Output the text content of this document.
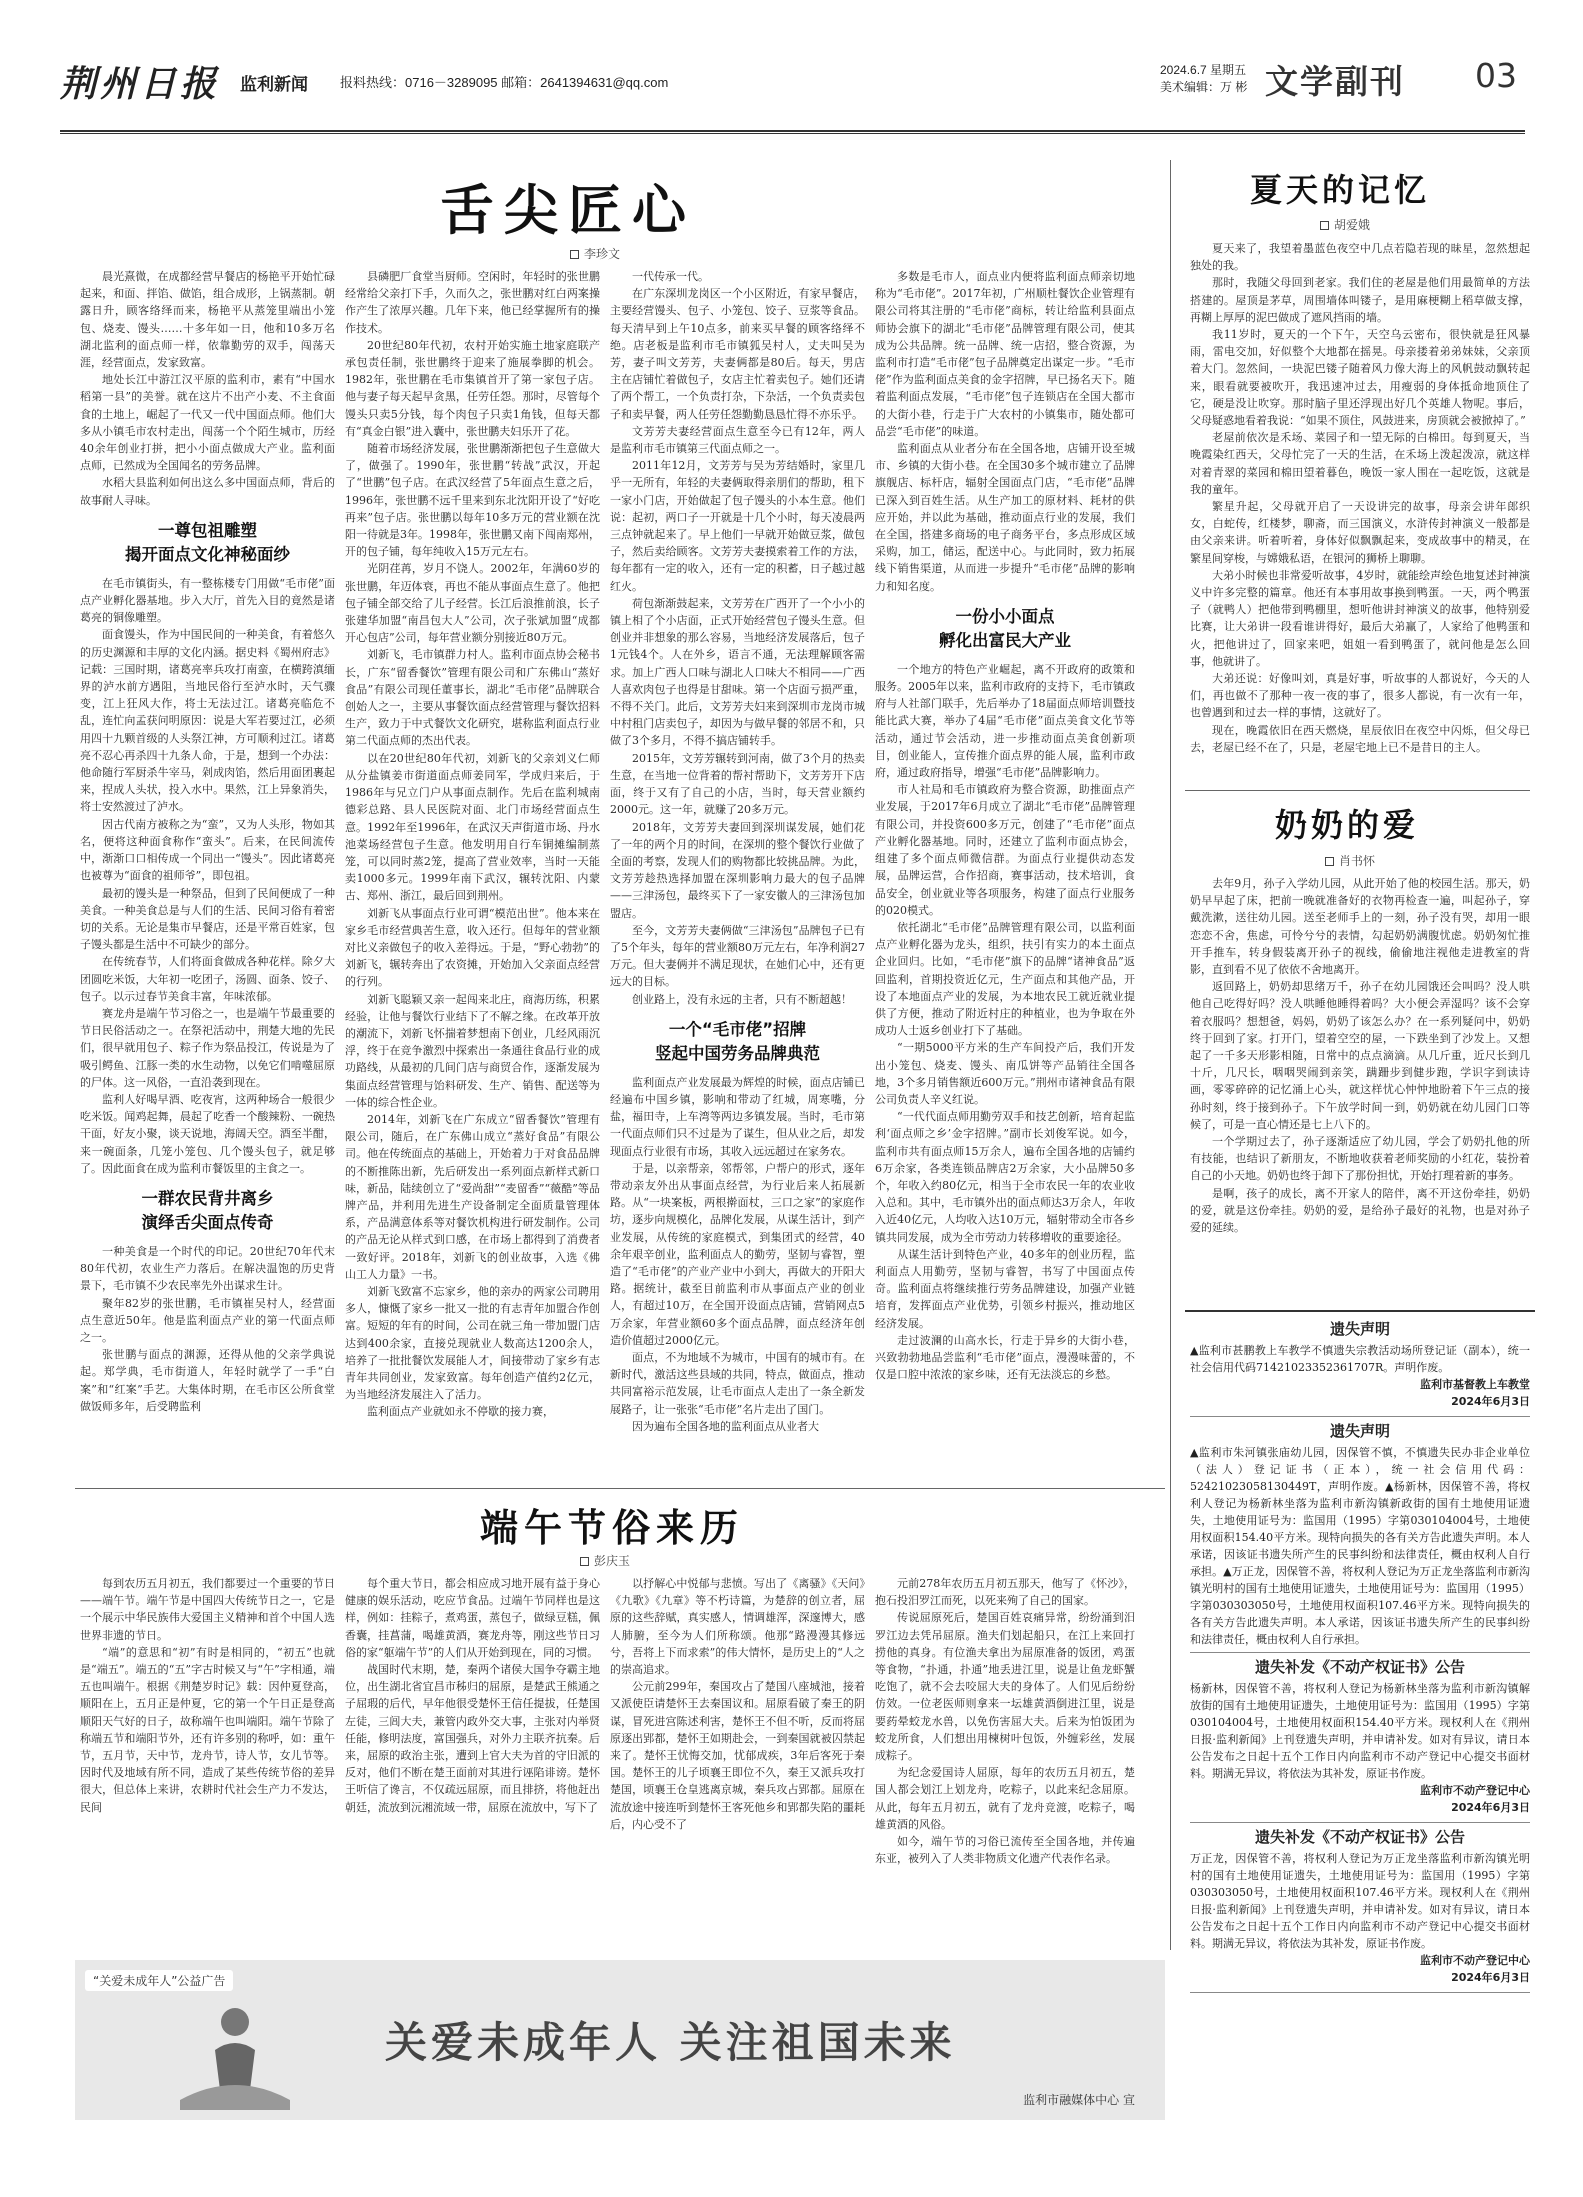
荆州日报 监利新闻 报料热线：0716－3289095 邮箱：2641394631@qq.com
2024.6.7 星期五
美术编辑：万 彬 文学副刊 03
舌尖匠心
李珍文

晨光熹微，在成都经营早餐店的杨艳平开始忙碌起来，和面、拌馅、做馅，组合成形，上锅蒸制。朝露日升，顾客络绎而来，杨艳平从蒸笼里端出小笼包、烧麦、馒头……十多年如一日，他和10多万名湖北监利的面点师一样，依靠勤劳的双手，闯荡天涯，经营面点，发家致富。

地处长江中游江汉平原的监利市，素有“中国水稻第一县”的美誉。就在这片不出产小麦、不主食面食的土地上，崛起了一代又一代中国面点师。他们大多从小镇毛市农村走出，闯荡一个个陌生城市，历经40余年创业打拼，把小小面点做成大产业。监利面点师，已然成为全国闻名的劳务品牌。

水稻大县监利如何出这么多中国面点师，背后的故事耐人寻味。

一尊包祖雕塑
揭开面点文化神秘面纱

在毛市镇街头，有一整栋楼专门用做“毛市佬”面点产业孵化器基地。步入大厅，首先入目的竟然是诸葛亮的铜像雕塑。

面食馒头，作为中国民间的一种美食，有着悠久的历史渊源和丰厚的文化内涵。据史料《蜀州府志》记载：三国时期，诸葛亮率兵攻打南蛮，在横跨滇缅界的泸水前方遇阻，当地民俗行至泸水时，天气骤变，江上狂风大作，将士无法过江。诸葛亮临危不乱，连忙向孟获问明原因：说是大军若要过江，必须用四十九颗首级的人头祭江神，方可顺利过江。诸葛亮不忍心再杀四十九条人命，于是，想到一个办法：他命随行军厨杀牛宰马，剁成肉馅，然后用面团裹起来，捏成人头状，投入水中。果然，江上异象消失，将士安然渡过了泸水。

因古代南方被称之为“蛮”，又为人头形，物如其名，便将这种面食称作“蛮头”。后来，在民间流传中，渐渐口口相传成一个同出一“馒头”。因此诸葛亮也被尊为“面食的祖师爷”，即包祖。

最初的馒头是一种祭品，但到了民间便成了一种美食。一种美食总是与人们的生活、民间习俗有着密切的关系。无论是集市早餐店，还是平常百姓家，包子馒头都是生活中不可缺少的部分。

在传统春节，人们将面食做成各种花样。除夕大团圆吃米饭，大年初一吃团子，汤圆、面条、饺子、包子。以示过春节美食丰富，年味浓郁。

赛龙舟是端午节习俗之一，也是端午节最重要的节日民俗活动之一。在祭祀活动中，荆楚大地的先民们，很早就用包子、粽子作为祭品投江，传说是为了吸引鳄鱼、江豚一类的水生动物，以免它们啃噬屈原的尸体。这一风俗，一直沿袭到现在。

监利人好喝早酒、吃夜宵，这两种场合一般很少吃米饭。闻鸡起舞，晨起了吃香一个酸辣粉、一碗热干面，好友小聚，谈天说地，海阔天空。酒至半酣，来一碗面条，几笼小笼包、几个馒头包子，就足够了。因此面食在成为监利市餐饭里的主食之一。

一群农民背井离乡
演绎舌尖面点传奇

一种美食是一个时代的印记。20世纪70年代末80年代初，农业生产力落后。在解决温饱的历史背景下，毛市镇不少农民率先外出谋求生计。

聚年82岁的张世鹏，毛市镇崔吴村人，经营面点生意近50年。他是监利面点产业的第一代面点师之一。

张世鹏与面点的渊源，还得从他的父亲学典说起。郑学典，毛市街道人，年轻时就学了一手“白案”和“红案”手艺。大集体时期，在毛市区公所食堂做饭师多年，后受聘监利

县磷肥厂食堂当厨师。空闲时，年轻时的张世鹏经常给父亲打下手，久而久之，张世鹏对红白两案操作产生了浓厚兴趣。几年下来，他已经掌握所有的操作技术。

20世纪80年代初，农村开始实施土地家庭联产承包责任制，张世鹏终于迎来了施展拳脚的机会。1982年，张世鹏在毛市集镇首开了第一家包子店。他与妻子每天起早贪黑，任劳任怨。那时，尽管每个馒头只卖5分钱，每个肉包子只卖1角钱，但每天都有“真金白银”进入囊中，张世鹏夫妇乐开了花。

随着市场经济发展，张世鹏渐渐把包子生意做大了，做强了。1990年，张世鹏“转战”武汉，开起了“世鹏”包子店。在武汉经营了5年面点生意之后，1996年，张世鹏不远千里来到东北沈阳开设了“好吃再来”包子店。张世鹏以每年10多万元的营业额在沈阳一待就是3年。1998年，张世鹏又南下闯南郑州，开的包子铺，每年纯收入15万元左右。

光阴荏苒，岁月不饶人。2002年，年满60岁的张世鹏，年迈体衰，再也不能从事面点生意了。他把包子铺全部交给了儿子经营。长江后浪推前浪，长子张建华加盟“南昌包大人”公司，次子张斌加盟“成都开心包店”公司，每年营业额分别接近80万元。

刘新飞，毛市镇群力村人。监利市面点协会秘书长，广东“留香餐饮”管理有限公司和广东佛山“蒸好食品”有限公司现任董事长，湖北“毛市佬”品牌联合创始人之一，主要从事餐饮面点经营管理与餐饮招料生产，致力于中式餐饮文化研究，堪称监利面点行业第二代面点师的杰出代表。

以在20世纪80年代初，刘新飞的父亲刘义仁师从分盐镇姜市街道面点师姜同军，学成归来后，于1986年与兄立门户从事面点制作。先后在监利城南德彩总路、县人民医院对面、北门市场经营面点生意。1992年至1996年，在武汉天声街道市场、丹水池菜场经营包子生意。他发明用自行车铜摊编制蒸笼，可以同时蒸2笼，提高了营业效率，当时一天能卖1000多元。1999年南下武汉，辗转沈阳、内蒙古、郑州、浙江，最后回到荆州。

刘新飞从事面点行业可谓“模范出世”。他本来在家乡毛市经营典苦生意，收入还行。但每年的营业额对比义亲做包子的收入差得远。于是，“野心勃勃”的刘新飞，辗转奔出了农资摊，开始加入父亲面点经营的行列。

刘新飞聪颖又亲一起闯来北庄，商海历练，积累经验，让他与餐饮行业结下了不解之缘。在改革开放的潮流下，刘新飞怀揣着梦想南下创业，几经风雨沉浮，终于在竞争激烈中探索出一条通往食品行业的成功路线，从最初的几间门店与商贸合作，逐渐发展为集面点经营管理与饴料研发、生产、销售、配送等为一体的综合性企业。

2014年，刘新飞在广东成立“留香餐饮”管理有限公司，随后，在广东佛山成立“蒸好食品”有限公司。他在传统面点的基础上，开始着力于对食品品牌的不断推陈出新，先后研发出一系列面点新样式新口味，新品，陆续创立了“爱尚甜”“麦留香”“薇酷”等品牌产品，并利用先进生产设备制定全面质量管理体系，产品满意体系等对餐饮机构进行研发制作。公司的产品无论从样式到口感，在市场上都得到了消费者一致好评。2018年，刘新飞的创业故事，入选《佛山工人力量》一书。

刘新飞致富不忘家乡，他的亲办的两家公司聘用多人，慷慨了家乡一批又一批的有志青年加盟合作创富。短短的年有的时间，公司在就三角一带加盟门店达到400余家，直接兑现就业人数高达1200余人，培养了一批批餐饮发展能人才，间接带动了家乡有志青年共同创业，发家致富。每年创造产值约2亿元，为当地经济发展注入了活力。

监利面点产业就如永不停歇的接力赛，

一代传承一代。

在广东深圳龙岗区一个小区附近，有家早餐店，主要经营馒头、包子、小笼包、饺子、豆浆等食品。每天清早到上午10点多，前来买早餐的顾客络绎不绝。店老板是监利市毛市镇狐吴村人，丈夫叫吴为芳，妻子叫文芳芳，夫妻俩都是80后。每天，男店主在店铺忙着做包子，女店主忙着卖包子。她们还请了两个帮工，一个负责打杂，下杂活，一个负责卖包子和卖早餐，两人任劳任怨勤勤恳恳忙得不亦乐乎。

文芳芳夫妻经营面点生意至今已有12年，两人是监利市毛市镇第三代面点师之一。

2011年12月，文芳芳与吴为芳结婚时，家里几乎一无所有，年轻的夫妻俩取得亲朋们的帮助，租下一家小门店，开始做起了包子馒头的小本生意。他们说：起初，两口子一开就是十几个小时，每天凌晨两三点钟就起来了。早上他们一早就开始做豆浆，做包子，然后卖给顾客。文芳芳夫妻摸索着工作的方法，每年都有一定的收入，还有一定的积蓄，日子越过越红火。

荷包渐渐鼓起来，文芳芳在广西开了一个小小的镇上相了个小店面，正式开始经营包子馒头生意。但创业并非想象的那么容易，当地经济发展落后，包子1元钱4个。人在外乡，语言不通，无法理解顾客需求。加上广西人口味与湖北人口味大不相同——广西人喜欢肉包子也得是甘甜味。第一个店面亏损严重，不得不关门。此后，文芳芳夫妇来到深圳市龙岗市城中村租门店卖包子，却因为与做早餐的邻居不和，只做了3个多月，不得不搞店铺转手。

2015年，文芳芳辗转到河南，做了3个月的热卖生意，在当地一位背着的帮衬帮助下，文芳芳开下店面，终于又有了自己的小店，当时，每天营业额约2000元。这一年，就赚了20多万元。

2018年，文芳芳夫妻回到深圳谋发展，她们花了一年的两个月的时间，在深圳的整个餐饮行业做了全面的考察，发现人们的购物都比较挑品牌。为此，文芳芳趁热选择加盟在深圳影响力最大的包子品牌——三津汤包，最终买下了一家安徽人的三津汤包加盟店。

至今，文芳芳夫妻俩做“三津汤包”品牌包子已有了5个年头，每年的营业额80万元左右，年净利润27万元。但大妻俩并不满足现状，在她们心中，还有更远大的目标。

创业路上，没有永远的主者，只有不断超越！

一个“毛市佬”招牌
竖起中国劳务品牌典范

监利面点产业发展最为辉煌的时候，面点店铺已经遍布中国乡镇，影响和带动了红城，周寒嘴，分盐，福田寺，上车湾等两边多镇发展。当时，毛市第一代面点师们只不过是为了谋生，但从业之后，却发现面点行业很有市场，其收入远远超过在家务农。

于是，以亲帮亲，邻帮邻，户帮户的形式，逐年带动亲友外出从事面点经营，为行业后来人拓展新路。从“一块案板，两根擀面杖，三口之家”的家庭作坊，逐步向规模化，品牌化发展，从谋生活计，到产业发展，从传统的家庭模式，到集团式的经营，40余年艰辛创业，监利面点人的勤劳，坚韧与睿智，塑造了“毛市佬”的产业产业中小到大，再做大的开阳大路。据统计，截至目前监利市从事面点产业的创业人，有超过10万，在全国开设面点店铺，营销网点5万余家，年营业额60多个面点品牌，面点经济年创造价值超过2000亿元。

面点，不为地域不为城市，中国有的城市有。在新时代，激活这些县域的共同，特点，做面点，推动共同富裕示范发展，让毛市面点人走出了一条全新发展路子，让一张张“毛市佬”名片走出了国门。

因为遍布全国各地的监利面点从业者大

多数是毛市人，面点业内便将监利面点师亲切地称为“毛市佬”。2017年初，广州顺杜餐饮企业管理有限公司将其注册的“毛市佬”商标，转让给监利县面点师协会旗下的湖北“毛市佬”品牌管理有限公司，使其成为公共品牌。统一品牌、统一店招，整合资源，为监利市打造“毛市佬”包子品牌奠定出谋定一步。“毛市佬”作为监利面点美食的金字招牌，早已扬名天下。随着监利面点发展，“毛市佬”包子连锁店在全国大都市的大街小巷，行走于广大农村的小镇集市，随处都可品尝“毛市佬”的味道。

监利面点从业者分布在全国各地，店铺开设至城市、乡镇的大街小巷。在全国30多个城市建立了品牌旗舰店、标杆店，辐射全国面点门店，“毛市佬”品牌已深入到百姓生活。从生产加工的原材料、耗材的供应开始，并以此为基础，推动面点行业的发展，我们在全国，搭建多商场的电子商务平台，多点形成区域采购，加工，储运，配送中心。与此同时，致力拓展线下销售渠道，从而进一步提升“毛市佬”品牌的影响力和知名度。

一份小小面点
孵化出富民大产业

一个地方的特色产业崛起，离不开政府的政策和服务。2005年以来，监利市政府的支持下，毛市镇政府与人社部门联手，先后举办了18届面点师培训暨技能比武大赛，举办了4届“毛市佬”面点美食文化节等活动，通过节会活动，进一步推动面点美食创新项目，创业能人，宣传推介面点界的能人展，监利市政府，通过政府指导，增强“毛市佬”品牌影响力。

市人社局和毛市镇政府为整合资源，助推面点产业发展，于2017年6月成立了湖北“毛市佬”品牌管理有限公司，并投资600多万元，创建了“毛市佬”面点产业孵化器基地。同时，还建立了监利市面点协会，组建了多个面点师微信群。为面点行业提供动态发展，品牌运营，合作招商，赛事活动，技术培训，食品安全，创业就业等各项服务，构建了面点行业服务的020模式。

依托湖北“毛市佬”品牌管理有限公司，以监利面点产业孵化器为龙头，组织，扶引有实力的本土面点企业回归。比如，“毛市佬”旗下的品牌“诸神食品”返回监利，首期投资近亿元，生产面点和其他产品，开设了本地面点产业的发展，为本地农民工就近就业提供了方便，推动了附近村庄的种植业，也为争取在外成功人士返乡创业打下了基础。

“一期5000平方米的生产车间投产后，我们开发出小笼包、烧麦、馒头、南瓜饼等产品销往全国各地，3个多月销售额近600万元。”荆州市诸神食品有限公司负责人辛义红说。

“一代代面点师用勤劳双手和技艺创新，培育起监利‘面点师之乡’金字招牌。”副市长刘俊军说。如今，监利市共有面点师15万余人，遍布全国各地的店铺约6万余家，各类连锁品牌店2万余家，大小品牌50多个，年收入约80亿元，相当于全市农民一年的农业收入总和。其中，毛市镇外出的面点师达3万余人，年收入近40亿元，人均收入达10万元，辐射带动全市各乡镇共同发展，成为全市劳动力转移增收的重要途径。

从谋生活计到特色产业，40多年的创业历程，监利面点人用勤劳，坚韧与睿智，书写了中国面点传奇。监利面点将继续推行劳务品牌建设，加强产业链培育，发挥面点产业优势，引领乡村振兴，推动地区经济发展。

走过波澜的山高水长，行走于异乡的大街小巷，兴致勃勃地品尝监利“毛市佬”面点，漫漫味蕾的，不仅是口腔中浓浓的家乡味，还有无法淡忘的乡愁。

夏天的记忆
胡爱娥

夏天来了，我望着墨蓝色夜空中几点若隐若现的昧星，忽然想起独处的我。

那时，我随父母回到老家。我们住的老屋是他们用最简单的方法搭建的。屋顶是茅草，周围墙体叫镂子，是用麻梗糊上稻草做支撑，再糊上厚厚的泥巴做成了遮风挡雨的墙。

我11岁时，夏天的一个下午，天空乌云密布，很快就是狂风暴雨，雷电交加，好似整个大地都在摇晃。母亲搂着弟弟妹妹，父亲顶着大门。忽然间，一块泥巴镂子随着风力像大海上的风帆鼓动飘转起来，眼看就要被吹开，我迅速冲过去，用瘦弱的身体抵命地顶住了它，硬是没让吹穿。那时脑子里还浮现出好几个英雄人物呢。事后，父母疑惑地看着我说：“如果不顶住，风鼓进来，房顶就会被掀掉了。”

老屋前依次是禾场、菜园子和一望无际的白棉田。每到夏天，当晚霞染红西天，父母忙完了一天的生活，在禾场上泼起泼凉，就这样对着青翠的菜园和棉田望着暮色，晚饭一家人围在一起吃饭，这就是我的童年。

繁星升起，父母就开启了一天设讲完的故事，母亲会讲年郎织女，白蛇传，红楼梦，聊斋，而三国演义，水浒传封神演义一般都是由父亲来讲。听着听着，身体好似飘飘起来，变成故事中的精灵，在繁星间穿梭，与嫦娥私语，在银河的狮桥上聊聊。

大弟小时候也非常爱听故事，4岁时，就能绘声绘色地复述封神演义中许多完整的篇章。他还有本事用故事换到鸭蛋。一天，两个鸭蛋子（就鸭人）把他带到鸭棚里，想听他讲封神演义的故事，他特别爱比赛，让大弟讲一段看谁讲得好，最后大弟赢了，人家给了他鸭蛋和火，把他讲过了，回家来吧，姐姐一看到鸭蛋了，就问他是怎么回事，他就讲了。

大弟还说：好像叫刘，真是好事，听故事的人都说好，今天的人们，再也做不了那种一夜一夜的事了，很多人都说，有一次有一年，也曾遇到和过去一样的事情，这就好了。

现在，晚霞依旧在西天燃烧，星辰依旧在夜空中闪烁，但父母已去，老屋已经不在了，只是，老屋宅地上已不是昔日的主人。

奶奶的爱
肖书怀

去年9月，孙子入学幼儿园，从此开始了他的校园生活。那天，奶奶早早起了床，把前一晚就准备好的衣物再检查一遍，叫起孙子，穿戴洗漱，送往幼儿园。送至老师手上的一刻，孙子没有哭，却用一眼恋恋不舍，焦虑，可怜兮兮的表情，勾起奶奶满腹忧虑。奶奶匆忙推开手推车，转身假装离开孙子的视线，偷偷地注视他走进教室的背影，直到看不见了依依不舍地离开。

返回路上，奶奶却思绪万千，孙子在幼儿园饿还会叫吗？没人哄他自己吃得好吗？没人哄睡他睡得着吗？大小便会弄湿吗？该不会穿着衣服吗？想想爸，妈妈，奶奶了该怎么办？在一系列疑问中，奶奶终于回到了家。打开门，望着空空的屋，一下跌坐到了沙发上。又想起了一千多天形影相随，日常中的点点滴滴。从几斤重，近尺长到几十斤，几尺长，咽咽哭闹到亲笑，蹒跚步到健步跑，学识字到读诗画，零零碎碎的记忆涌上心头，就这样忧心忡忡地盼着下午三点的接孙时刻，终于接到孙子。下午放学时间一到，奶奶就在幼儿园门口等候了，可是一直心情还是七上八下的。

一个学期过去了，孙子逐渐适应了幼儿园，学会了奶奶扎他的所有技能，也结识了新朋友，不断地收获着老师奖励的小红花，装扮着自己的小天地。奶奶也终于卸下了那份担忧，开始打理着新的事务。

是啊，孩子的成长，离不开家人的陪伴，离不开这份牵挂，奶奶的爱，就是这份牵挂。奶奶的爱，是给孙子最好的礼物，也是对孙子爱的延续。

遗失声明

▲监利市甚鹏教上车教学不慎遗失宗教活动场所登记证（副本），统一社会信用代码71421023352361707R。声明作废。

监利市基督教上车教堂
2024年6月3日
遗失声明

▲监利市朱河镇张庙幼儿园，因保管不慎，不慎遗失民办非企业单位（法人）登记证书（正本），统一社会信用代码：52421023058130449T，声明作废。▲杨新林，因保管不善，将权利人登记为杨新林坐落为监利市新沟镇新政街的国有土地使用证遗失，土地使用证号为：监国用（1995）字第030104004号，土地使用权面积154.40平方米。现特向损失的各有关方告此遗失声明。本人承诺，因该证书遗失所产生的民事纠纷和法律责任，概由权利人自行承担。▲万正龙，因保管不善，将权利人登记为万正龙坐落监利市新沟镇光明村的国有土地使用证遗失，土地使用证号为：监国用（1995）字第030303050号，土地使用权面积107.46平方米。现特向损失的各有关方告此遗失声明。本人承诺，因该证书遗失所产生的民事纠纷和法律责任，概由权利人自行承担。

遗失补发《不动产权证书》公告

杨新林，因保管不善，将权利人登记为杨新林坐落为监利市新沟镇解放街的国有土地使用证遗失，土地使用证号为：监国用（1995）字第030104004号，土地使用权面积154.40平方米。现权利人在《荆州日报·监利新闻》上刊登遗失声明，并申请补发。如对有异议，请日本公告发布之日起十五个工作日内向监利市不动产登记中心提交书面材料。期满无异议，将依法为其补发，原证书作废。

监利市不动产登记中心
2024年6月3日
遗失补发《不动产权证书》公告

万正龙，因保管不善，将权利人登记为万正龙坐落监利市新沟镇光明村的国有土地使用证遗失，土地使用证号为：监国用（1995）字第030303050号，土地使用权面积107.46平方米。现权利人在《荆州日报·监利新闻》上刊登遗失声明，并申请补发。如对有异议，请日本公告发布之日起十五个工作日内向监利市不动产登记中心提交书面材料。期满无异议，将依法为其补发，原证书作废。

监利市不动产登记中心
2024年6月3日
端午节俗来历
彭庆玉

每到农历五月初五，我们都要过一个重要的节日——端午节。端午节是中国四大传统节日之一，它是一个展示中华民族伟大爱国主义精神和首个中国人选世界非遗的节日。

“端”的意思和“初”有时是相同的，“初五”也就是“端五”。端五的“五”字古时候又与“午”字相通，端五也叫端午。根据《荆楚岁时记》载：因仲夏登高，顺阳在上，五月正是仲夏，它的第一个午日正是登高顺阳天气好的日子，故称端午也叫端阳。端午节除了称端五节和端阳节外，还有许多别的称呼，如：重午节，五月节，天中节，龙舟节，诗人节，女儿节等。因时代及地域有所不同，造成了某些传统节俗的差异很大，但总体上来讲，农耕时代社会生产力不发达，民间

每个重大节日，都会相应成习地开展有益于身心健康的娱乐活动，吃应节食品。过端午节同样也是这样，例如：挂粽子，煮鸡蛋，蒸包子，做绿豆糕，佩香囊，挂菖蒲，喝雄黄酒，赛龙舟等，刚这些节日习俗的家“躯端午节”的人们从开始到现在，同的习惯。

战国时代末期，楚，秦两个诸侯大国争夺霸主地位，出生湖北省宜昌市秭归的屈原，是楚武王熊通之子屈瑕的后代，早年他很受楚怀王信任提拔，任楚国左徒，三闾大夫，兼管内政外交大事，主张对内举贤任能，修明法度，富国强兵，对外力主联齐抗秦。后来，屈原的政治主张，遭到上官大夫为首的守旧派的反对，他们不断在楚王面前对其进行诬陷诽谤。楚怀王听信了谗言，不仅疏远屈原，而且排挤，将他赶出朝廷，流放到沅湘流域一带，屈原在流放中，写下了

以抒解心中悦郁与悲愤。写出了《离骚》《天问》《九歌》《九章》等不朽诗篇，为楚辞的创立者，屈原的这些辞赋，真实感人，情调雄浑，深邃博大，感人肺腑，至今为人们所称颂。他那“路漫漫其修远兮，吾将上下而求索”的伟大情怀，是历史上的“人之的崇高追求。

公元前299年，秦国攻占了楚国八座城池，接着又派使臣请楚怀王去秦国议和。屈原看破了秦王的阴谋，冒死进宫陈述利害，楚怀王不但不听，反而将屈原逐出郢都，楚怀王如期赴会，一到秦国就被囚禁起来了。楚怀王忧悔交加，忧郁成疾，3年后客死于秦国。楚怀王的儿子顷襄王即位不久，秦王又派兵攻打楚国，顷襄王仓皇逃离京城，秦兵攻占郢都。屈原在流放途中接连听到楚怀王客死他乡和郢都失陷的噩耗后，内心受不了

元前278年农历五月初五那天，他写了《怀沙》，抱石投汨罗江而死，以死来殉了自己的国家。

传说屈原死后，楚国百姓哀痛异常，纷纷涌到汨罗江边去凭吊屈原。渔夫们划起船只，在江上来回打捞他的真身。有位渔夫拿出为屈原准备的饭团，鸡蛋等食物，“扑通，扑通”地丢进江里，说是让鱼龙虾蟹吃饱了，就不会去咬屈大夫的身体了。人们见后纷纷仿效。一位老医师则拿来一坛雄黄酒倒进江里，说是要药晕蛟龙水兽，以免伤害屈大夫。后来为怕饭团为蛟龙所食，人们想出用楝树叶包饭，外缠彩丝，发展成粽子。

为纪念爱国诗人屈原，每年的农历五月初五，楚国人都会划江上划龙舟，吃粽子，以此来纪念屈原。从此，每年五月初五，就有了龙舟竞渡，吃粽子，喝雄黄酒的风俗。

如今，端午节的习俗已流传至全国各地，并传遍东亚，被列入了人类非物质文化遗产代表作名录。

“关爱未成年人”公益广告
关爱未成年人 关注祖国未来
监利市融媒体中心 宣
